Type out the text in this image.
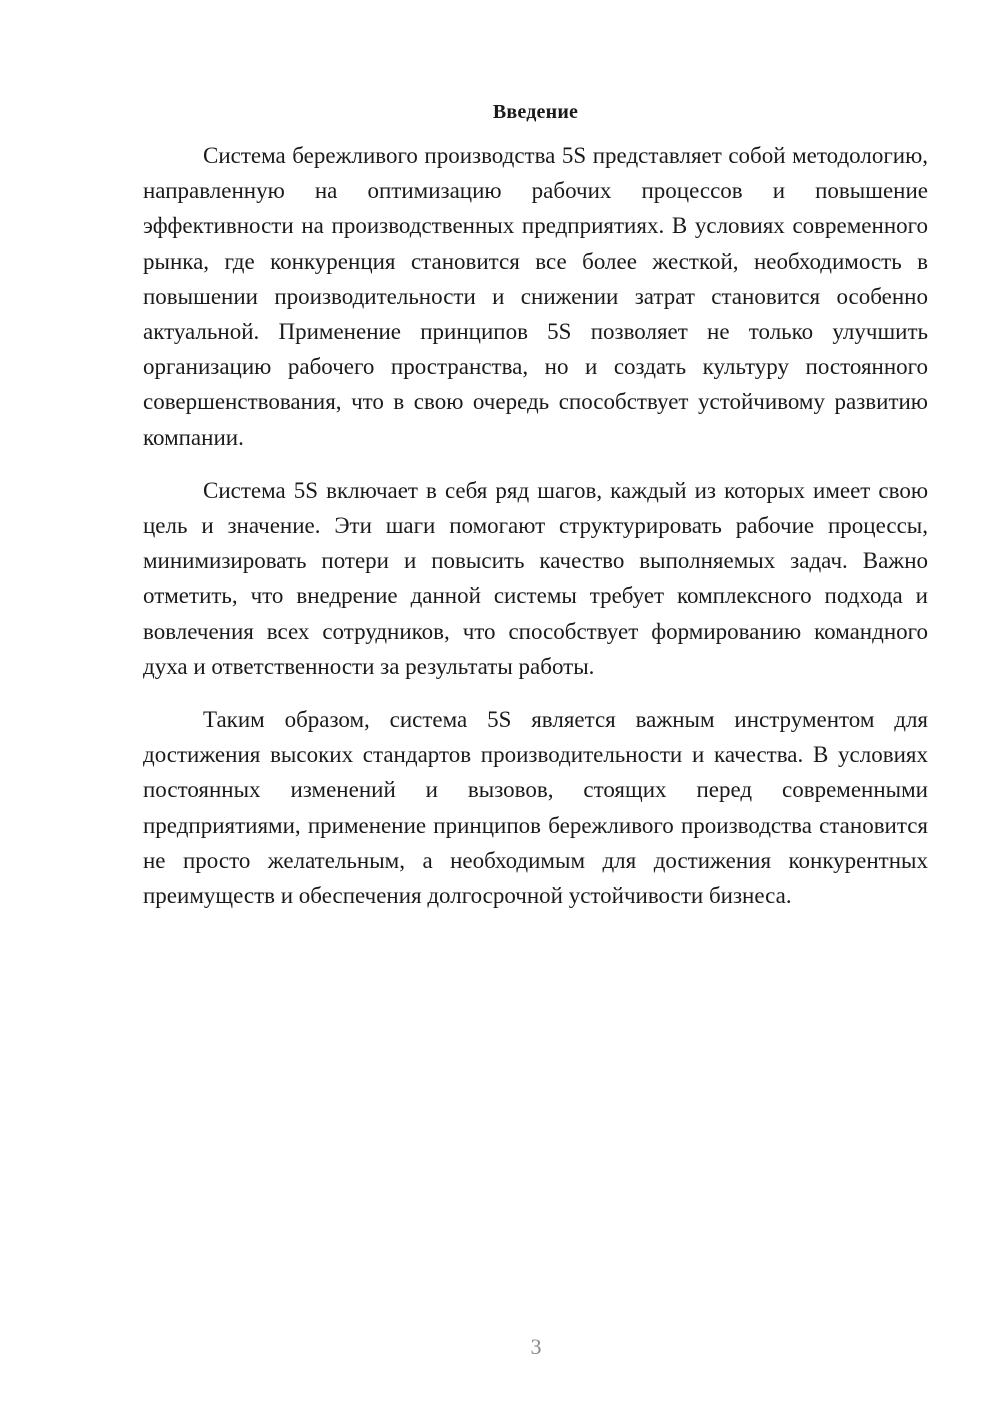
Введение

Система бережливого производства 5S представляет собой методологию, направленную на оптимизацию рабочих процессов и повышение эффективности на производственных предприятиях. В условиях современного рынка, где конкуренция становится все более жесткой, необходимость в повышении производительности и снижении затрат становится особенно актуальной. Применение принципов 5S позволяет не только улучшить организацию рабочего пространства, но и создать культуру постоянного совершенствования, что в свою очередь способствует устойчивому развитию компании.

Система 5S включает в себя ряд шагов, каждый из которых имеет свою цель и значение. Эти шаги помогают структурировать рабочие процессы, минимизировать потери и повысить качество выполняемых задач. Важно отметить, что внедрение данной системы требует комплексного подхода и вовлечения всех сотрудников, что способствует формированию командного духа и ответственности за результаты работы.

Таким образом, система 5S является важным инструментом для достижения высоких стандартов производительности и качества. В условиях постоянных изменений и вызовов, стоящих перед современными предприятиями, применение принципов бережливого производства становится не просто желательным, а необходимым для достижения конкурентных преимуществ и обеспечения долгосрочной устойчивости бизнеса.

3
